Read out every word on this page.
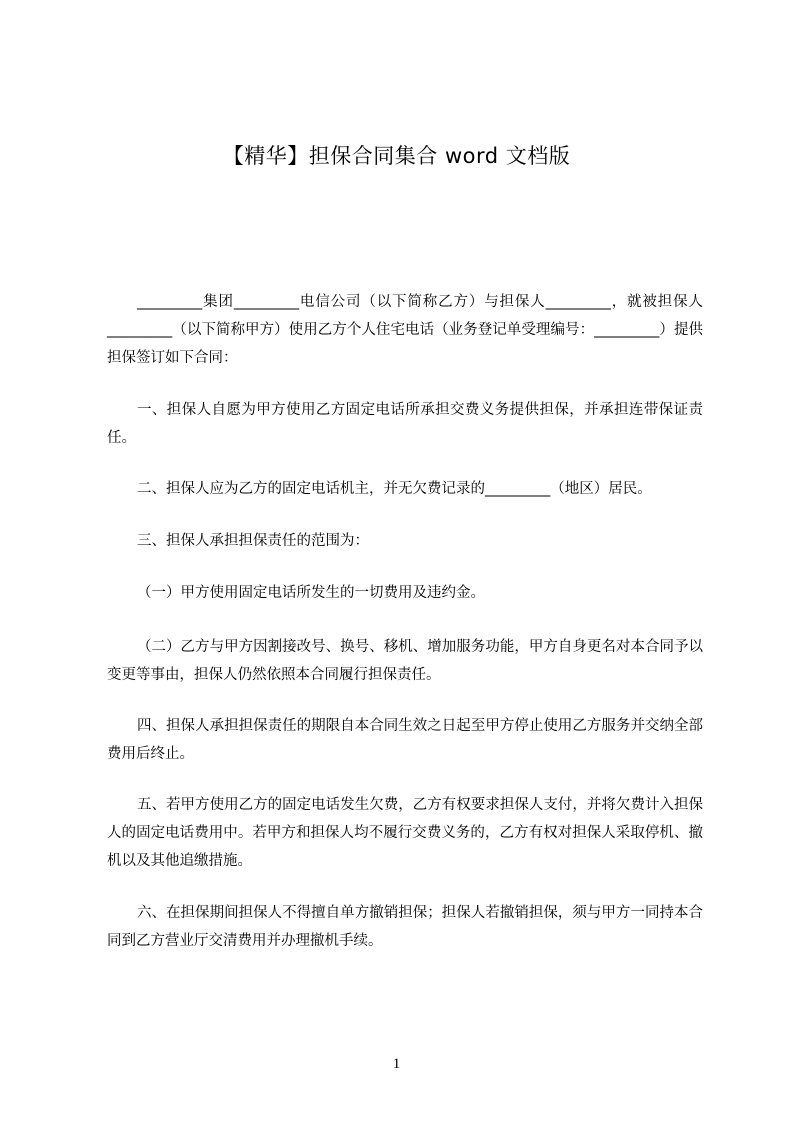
【精华】担保合同集合 word 文档版

_________集团_________电信公司（以下简称乙方）与担保人_________，就被担保人_________（以下简称甲方）使用乙方个人住宅电话（业务登记单受理编号：_________）提供担保签订如下合同：

一、担保人自愿为甲方使用乙方固定电话所承担交费义务提供担保，并承担连带保证责任。

二、担保人应为乙方的固定电话机主，并无欠费记录的_________（地区）居民。

三、担保人承担担保责任的范围为：

（一）甲方使用固定电话所发生的一切费用及违约金。

（二）乙方与甲方因割接改号、换号、移机、增加服务功能，甲方自身更名对本合同予以变更等事由，担保人仍然依照本合同履行担保责任。

四、担保人承担担保责任的期限自本合同生效之日起至甲方停止使用乙方服务并交纳全部费用后终止。

五、若甲方使用乙方的固定电话发生欠费，乙方有权要求担保人支付，并将欠费计入担保人的固定电话费用中。若甲方和担保人均不履行交费义务的，乙方有权对担保人采取停机、撤机以及其他追缴措施。

六、在担保期间担保人不得擅自单方撤销担保；担保人若撤销担保，须与甲方一同持本合同到乙方营业厅交清费用并办理撤机手续。

1
